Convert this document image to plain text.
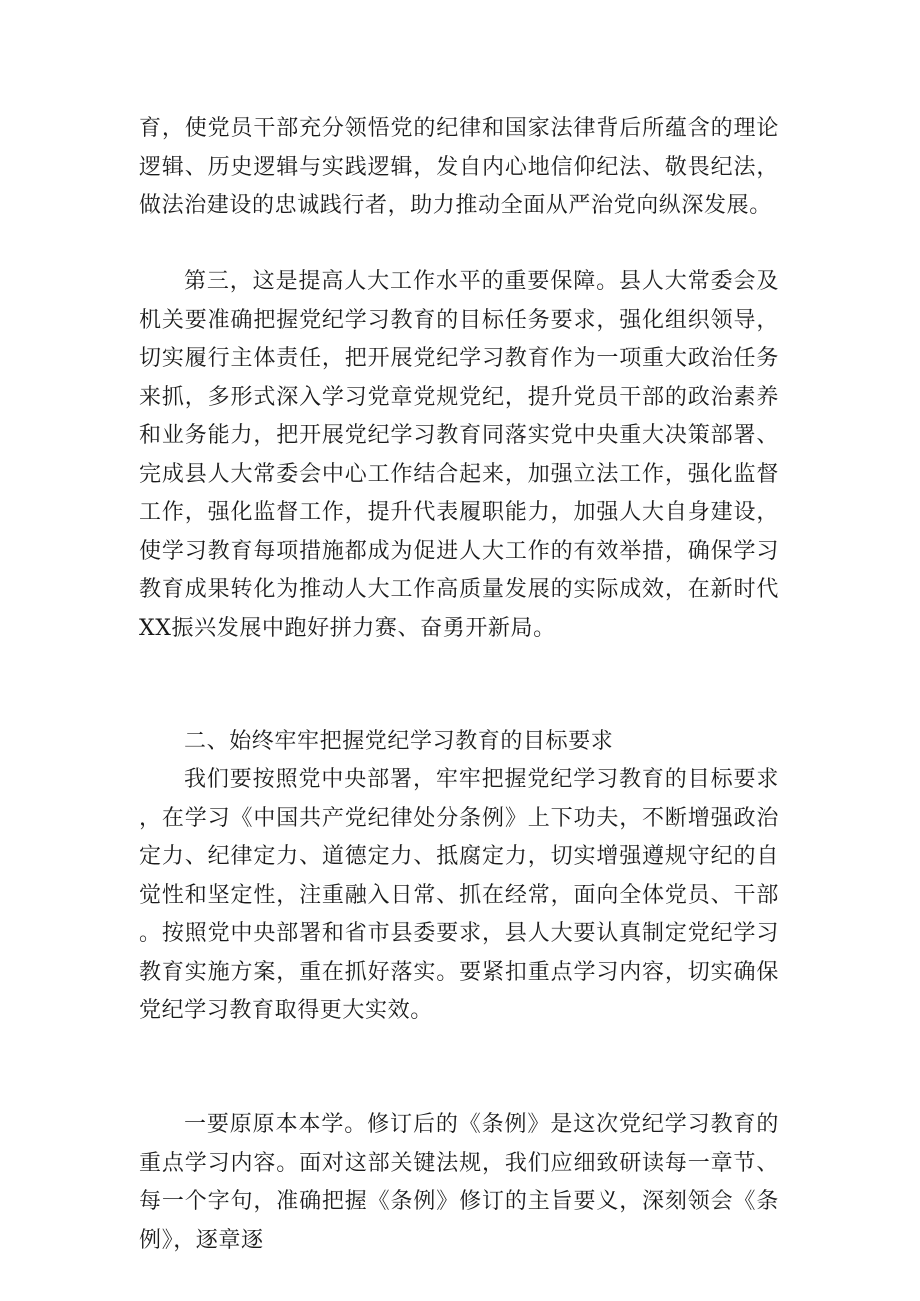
育，使党员干部充分领悟党的纪律和国家法律背后所蕴含的理论逻辑、历史逻辑与实践逻辑，发自内心地信仰纪法、敬畏纪法，做法治建设的忠诚践行者，助力推动全面从严治党向纵深发展。

第三，这是提高人大工作水平的重要保障。县人大常委会及机关要准确把握党纪学习教育的目标任务要求，强化组织领导，切实履行主体责任，把开展党纪学习教育作为一项重大政治任务来抓，多形式深入学习党章党规党纪，提升党员干部的政治素养和业务能力，把开展党纪学习教育同落实党中央重大决策部署、完成县人大常委会中心工作结合起来，加强立法工作，强化监督工作，强化监督工作，提升代表履职能力，加强人大自身建设，使学习教育每项措施都成为促进人大工作的有效举措，确保学习教育成果转化为推动人大工作高质量发展的实际成效，在新时代XX振兴发展中跑好拼力赛、奋勇开新局。

二、始终牢牢把握党纪学习教育的目标要求

我们要按照党中央部署，牢牢把握党纪学习教育的目标要求，在学习《中国共产党纪律处分条例》上下功夫，不断增强政治定力、纪律定力、道德定力、抵腐定力，切实增强遵规守纪的自觉性和坚定性，注重融入日常、抓在经常，面向全体党员、干部。按照党中央部署和省市县委要求，县人大要认真制定党纪学习教育实施方案，重在抓好落实。要紧扣重点学习内容，切实确保党纪学习教育取得更大实效。

一要原原本本学。修订后的《条例》是这次党纪学习教育的重点学习内容。面对这部关键法规，我们应细致研读每一章节、每一个字句，准确把握《条例》修订的主旨要义，深刻领会《条例》，逐章逐
